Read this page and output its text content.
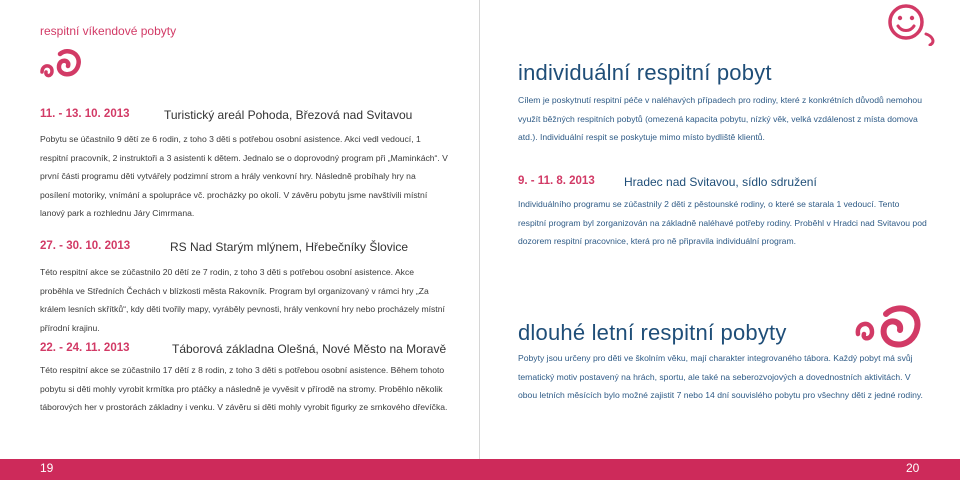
respitní víkendové pobyty
11. - 13. 10. 2013	Turistický areál Pohoda, Březová nad Svitavou

Pobytu se účastnilo 9 dětí ze 6 rodin, z toho 3 děti s potřebou osobní asistence. Akci vedl vedoucí, 1 respitní pracovník, 2 instruktoři a 3 asistenti k dětem. Jednalo se o doprovodný program při „Maminkách“. V první části programu děti vytvářely podzimní strom a hrály venkovní hry. Následně probíhaly hry na posílení motoriky, vnímání a spolupráce vč. procházky po okolí. V závěru pobytu jsme navštívili místní lanový park a rozhlednu Járy Cimrmana.

27. - 30. 10. 2013	RS Nad Starým mlýnem, Hřebečníky Šlovice

Této respitní akce se zúčastnilo 20 dětí ze 7 rodin, z toho 3 děti s potřebou osobní asistence. Akce proběhla ve Středních Čechách v blízkosti města Rakovník. Program byl organizovaný v rámci hry „Za králem lesních skřítků“, kdy děti tvořily mapy, vyráběly pevnosti, hrály venkovní hry nebo procházely místní přírodní krajinu.

22. - 24. 11. 2013	Táborová základna Olešná, Nové Město na Moravě

Této respitní akce se zúčastnilo 17 dětí z 8 rodin, z toho 3 děti s potřebou osobní asistence. Během tohoto pobytu si děti mohly vyrobit krmítka pro ptáčky a následně je vyvěsit v přírodě na stromy. Proběhlo několik táborových her v prostorách základny i venku. V závěru si děti mohly vyrobit figurky ze srnkového dřevíčka.

individuální respitní pobyt

Cílem je poskytnutí respitní péče v naléhavých případech pro rodiny, které z konkrétních důvodů nemohou využít běžných respitních pobytů (omezená kapacita pobytu, nízký věk, velká vzdálenost z místa domova atd.). Individuální respit se poskytuje mimo místo bydliště klientů.

9. - 11. 8. 2013 Hradec nad Svitavou, sídlo sdružení

Individuálního programu se zúčastnily 2 děti z pěstounské rodiny, o které se starala 1 vedoucí. Tento respitní program byl zorganizován na základně naléhavé potřeby rodiny. Proběhl v Hradci nad Svitavou pod dozorem respitní pracovnice, která pro ně připravila individuální program.

dlouhé letní respitní pobyty

Pobyty jsou určeny pro děti ve školním věku, mají charakter integrovaného tábora. Každý pobyt má svůj tematický motiv postavený na hrách, sportu, ale také na seberozvojových a dovednostních aktivitách. V obou letních měsících bylo možné zajistit 7 nebo 14 dní souvislého pobytu pro všechny děti z jedné rodiny.

19	20
